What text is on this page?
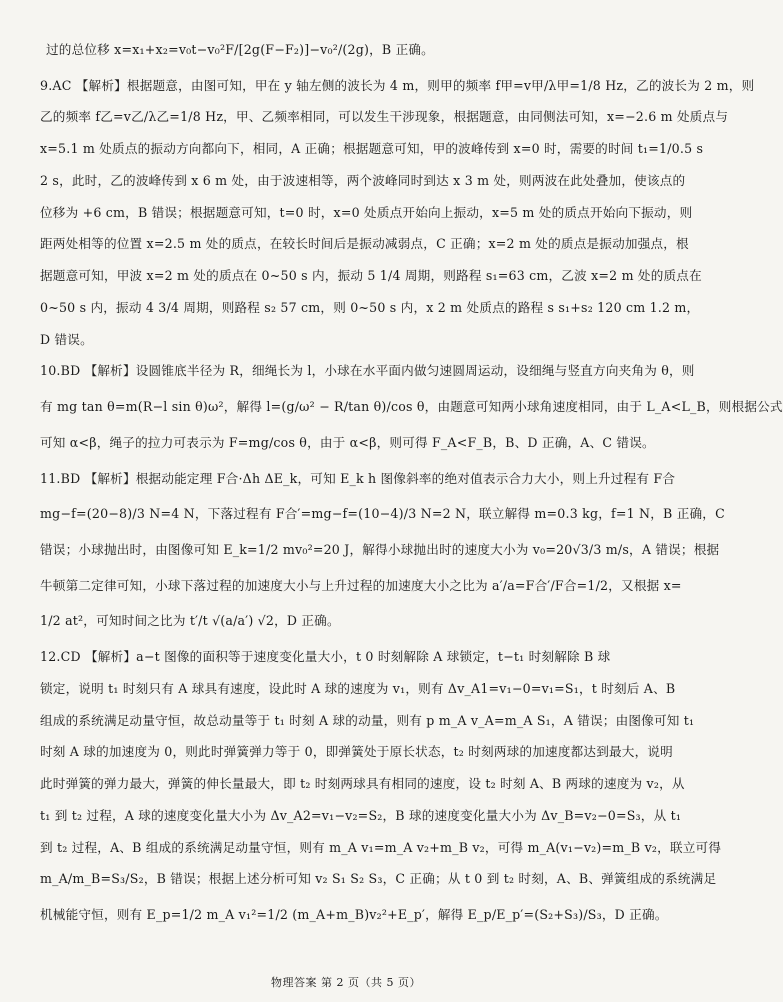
过的总位移 x=x₁+x₂=v₀t−v₀²F/[2g(F−F₂)]−v₀²/(2g)，B 正确。
9.AC 【解析】根据题意，由图可知，甲在 y 轴左侧的波长为 4 m，则甲的频率 f甲=v甲/λ甲=1/8 Hz，乙的波长为 2 m，则
乙的频率 f乙=v乙/λ乙=1/8 Hz，甲、乙频率相同，可以发生干涉现象，根据题意，由同侧法可知，x=−2.6 m 处质点与
x=5.1 m 处质点的振动方向都向下，相同，A 正确；根据题意可知，甲的波峰传到 x=0 时，需要的时间 t₁=1/0.5 s
2 s，此时，乙的波峰传到 x 6 m 处，由于波速相等，两个波峰同时到达 x 3 m 处，则两波在此处叠加，使该点的
位移为 +6 cm，B 错误；根据题意可知，t=0 时，x=0 处质点开始向上振动，x=5 m 处的质点开始向下振动，则
距两处相等的位置 x=2.5 m 处的质点，在较长时间后是振动减弱点，C 正确；x=2 m 处的质点是振动加强点，根
据题意可知，甲波 x=2 m 处的质点在 0~50 s 内，振动 5 1/4 周期，则路程 s₁=63 cm，乙波 x=2 m 处的质点在
0~50 s 内，振动 4 3/4 周期，则路程 s₂ 57 cm，则 0~50 s 内，x 2 m 处质点的路程 s s₁+s₂ 120 cm 1.2 m，
D 错误。
10.BD 【解析】设圆锥底半径为 R，细绳长为 l，小球在水平面内做匀速圆周运动，设细绳与竖直方向夹角为 θ，则
有 mg tan θ=m(R−l sin θ)ω²，解得 l=(g/ω² − R/tan θ)/cos θ，由题意可知两小球角速度相同，由于 L_A<L_B，则根据公式
可知 α<β，绳子的拉力可表示为 F=mg/cos θ，由于 α<β，则可得 F_A<F_B，B、D 正确，A、C 错误。
11.BD 【解析】根据动能定理 F合·Δh ΔE_k，可知 E_k h 图像斜率的绝对值表示合力大小，则上升过程有 F合
mg−f=(20−8)/3 N=4 N，下落过程有 F合′=mg−f=(10−4)/3 N=2 N，联立解得 m=0.3 kg，f=1 N，B 正确，C
错误；小球抛出时，由图像可知 E_k=1/2 mv₀²=20 J，解得小球抛出时的速度大小为 v₀=20√3/3 m/s，A 错误；根据
牛顿第二定律可知，小球下落过程的加速度大小与上升过程的加速度大小之比为 a′/a=F合′/F合=1/2，又根据 x=
1/2 at²，可知时间之比为 t′/t √(a/a′) √2，D 正确。
12.CD 【解析】a−t 图像的面积等于速度变化量大小，t 0 时刻解除 A 球锁定，t−t₁ 时刻解除 B 球
锁定，说明 t₁ 时刻只有 A 球具有速度，设此时 A 球的速度为 v₁，则有 Δv_A1=v₁−0=v₁=S₁，t 时刻后 A、B
组成的系统满足动量守恒，故总动量等于 t₁ 时刻 A 球的动量，则有 p m_A v_A=m_A S₁，A 错误；由图像可知 t₁
时刻 A 球的加速度为 0，则此时弹簧弹力等于 0，即弹簧处于原长状态，t₂ 时刻两球的加速度都达到最大，说明
此时弹簧的弹力最大，弹簧的伸长量最大，即 t₂ 时刻两球具有相同的速度，设 t₂ 时刻 A、B 两球的速度为 v₂，从
t₁ 到 t₂ 过程，A 球的速度变化量大小为 Δv_A2=v₁−v₂=S₂，B 球的速度变化量大小为 Δv_B=v₂−0=S₃，从 t₁
到 t₂ 过程，A、B 组成的系统满足动量守恒，则有 m_A v₁=m_A v₂+m_B v₂，可得 m_A(v₁−v₂)=m_B v₂，联立可得
m_A/m_B=S₃/S₂，B 错误；根据上述分析可知 v₂ S₁ S₂ S₃，C 正确；从 t 0 到 t₂ 时刻，A、B、弹簧组成的系统满足
机械能守恒，则有 E_p=1/2 m_A v₁²=1/2 (m_A+m_B)v₂²+E_p′，解得 E_p/E_p′=(S₂+S₃)/S₃，D 正确。
物理答案 第 2 页（共 5 页）
